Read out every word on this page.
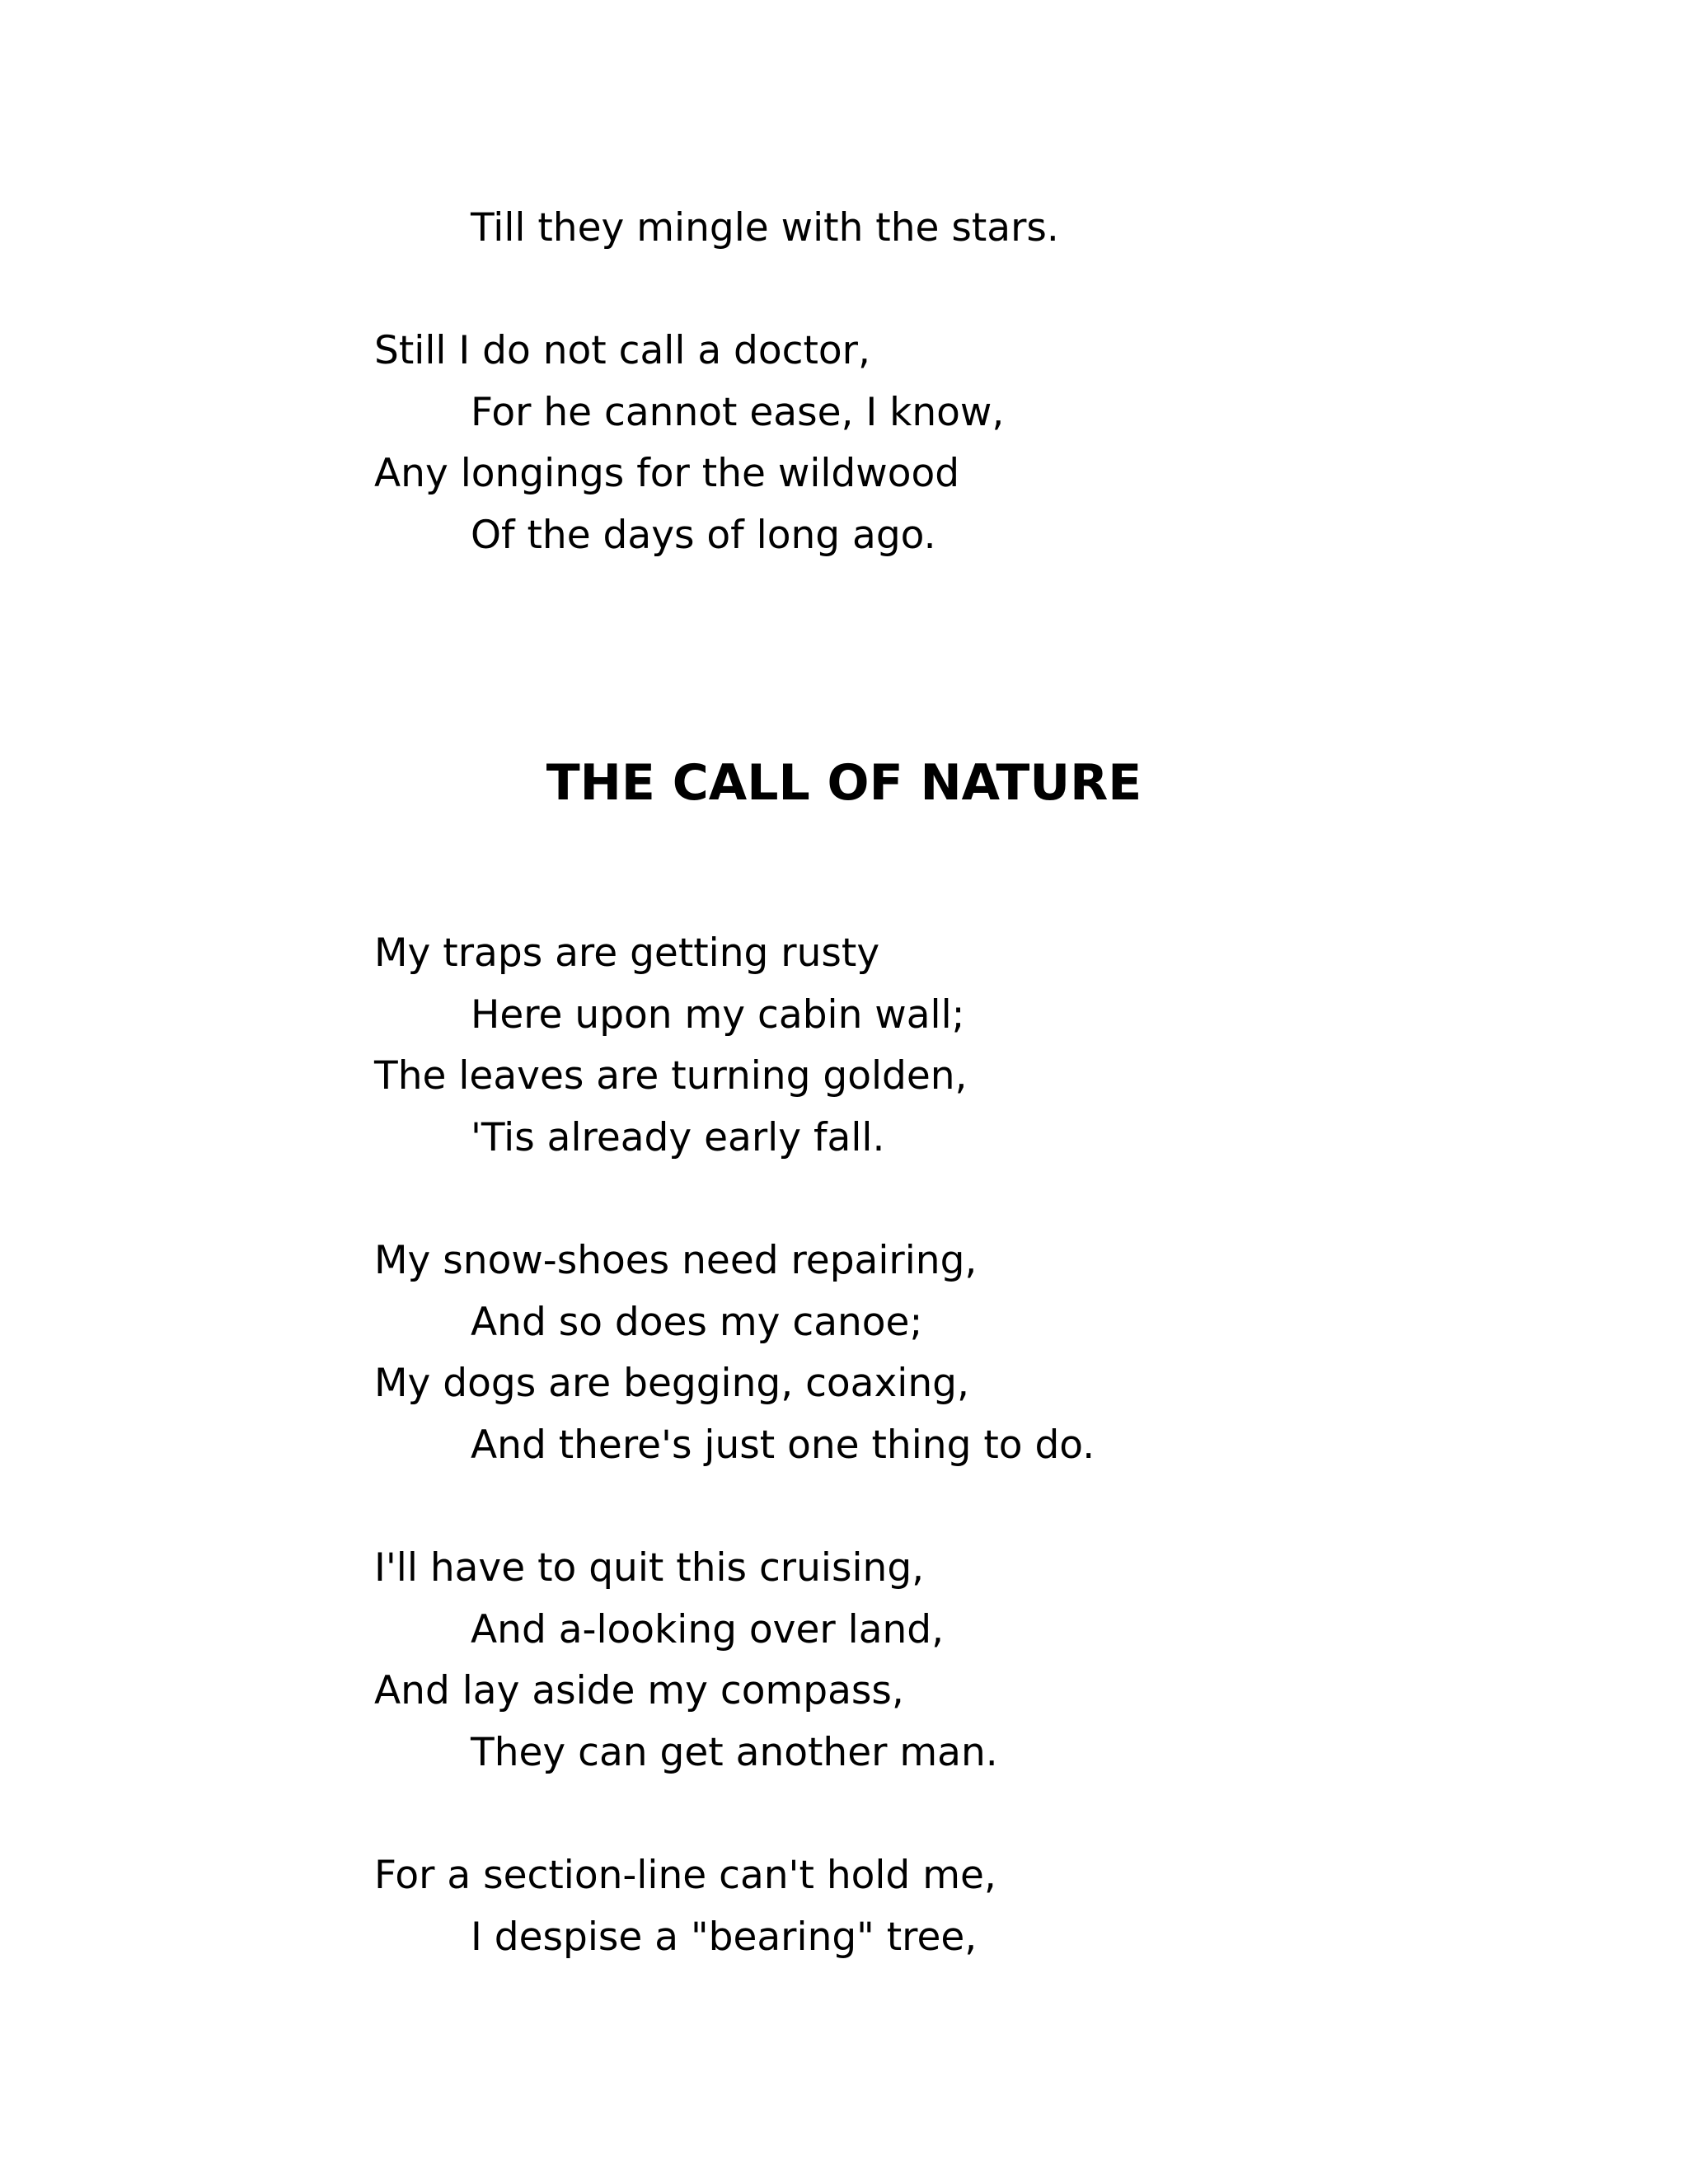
Till they mingle with the stars.

Still I do not call a doctor,

For he cannot ease, I know,

Any longings for the wildwood

Of the days of long ago.

THE CALL OF NATURE

My traps are getting rusty

Here upon my cabin wall;

The leaves are turning golden,

'Tis already early fall.

My snow-shoes need repairing,

And so does my canoe;

My dogs are begging, coaxing,

And there's just one thing to do.

I'll have to quit this cruising,

And a-looking over land,

And lay aside my compass,

They can get another man.

For a section-line can't hold me,

I despise a "bearing" tree,
